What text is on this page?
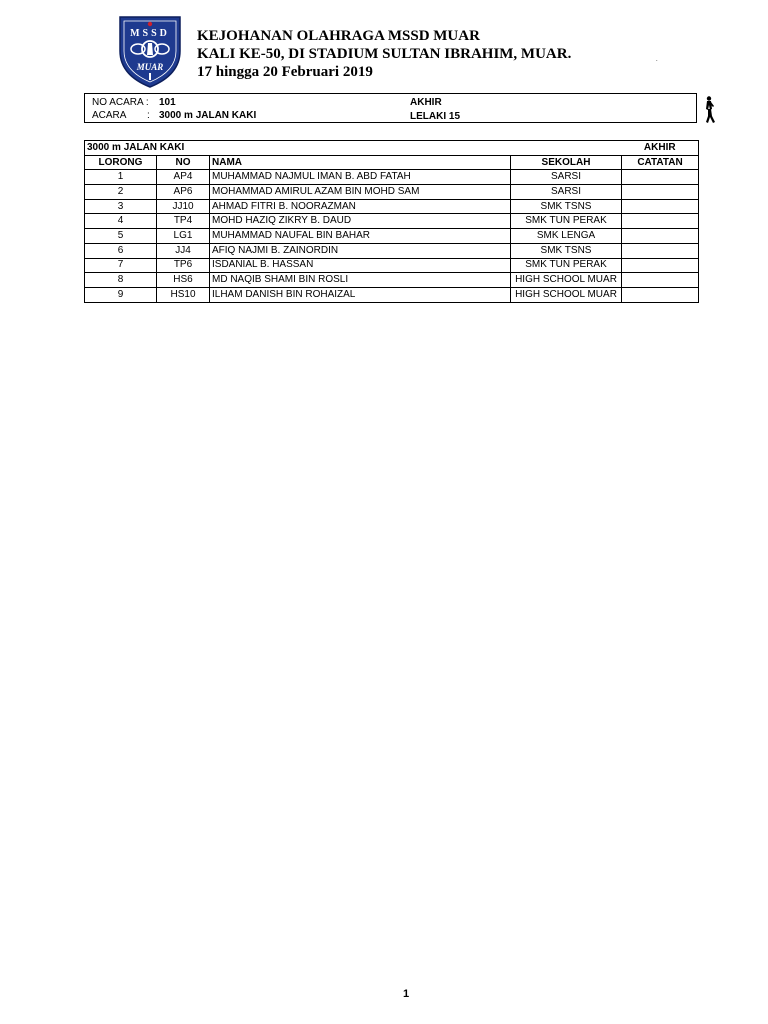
MSSD
MUAR
KEJOHANAN OLAHRAGA MSSD MUAR
KALI KE-50, DI STADIUM SULTAN IBRAHIM, MUAR.
17 hingga 20 Februari 2019
.
NO ACARA : 101
ACARA : 3000 m JALAN KAKI
AKHIR
LELAKI 15
3000 m JALAN KAKI				AKHIR
LORONG	NO	NAMA	SEKOLAH	CATATAN
1	AP4	MUHAMMAD NAJMUL IMAN B. ABD FATAH	SARSI	
2	AP6	MOHAMMAD AMIRUL AZAM BIN MOHD SAM	SARSI	
3	JJ10	AHMAD FITRI B. NOORAZMAN	SMK TSNS	
4	TP4	MOHD HAZIQ ZIKRY B. DAUD	SMK TUN PERAK	
5	LG1	MUHAMMAD NAUFAL BIN BAHAR	SMK LENGA	
6	JJ4	AFIQ NAJMI B. ZAINORDIN	SMK TSNS	
7	TP6	ISDANIAL B. HASSAN	SMK TUN PERAK	
8	HS6	MD NAQIB SHAMI BIN ROSLI	HIGH SCHOOL MUAR	
9	HS10	ILHAM DANISH BIN ROHAIZAL	HIGH SCHOOL MUAR	
1
